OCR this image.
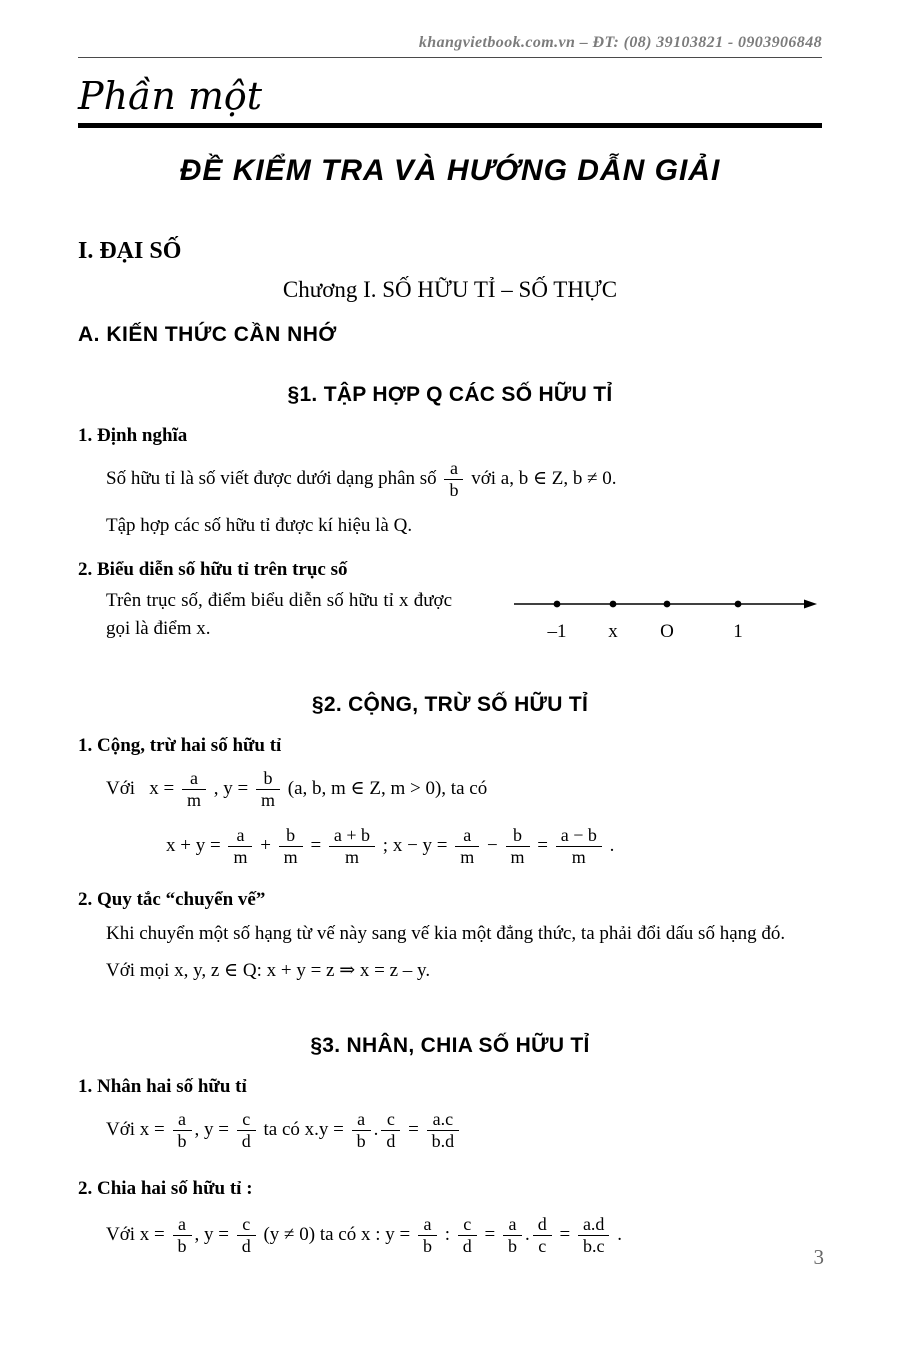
khangvietbook.com.vn – ĐT: (08) 39103821 - 0903906848
Phần một
ĐỀ KIỂM TRA VÀ HƯỚNG DẪN GIẢI
I. ĐẠI SỐ
Chương I. SỐ HỮU TỈ – SỐ THỰC
A. KIẾN THỨC CẦN NHỚ
§1. TẬP HỢP Q CÁC SỐ HỮU TỈ
1. Định nghĩa
Số hữu tỉ là số viết được dưới dạng phân số $\frac{a}{b}$ với a, b ∈ Z, b ≠ 0.
Tập hợp các số hữu tỉ được kí hiệu là Q.
2. Biểu diễn số hữu tỉ trên trục số
Trên trục số, điểm biểu diễn số hữu tỉ x được gọi là điểm x.	–1 x O	1
§2. CỘNG, TRỪ SỐ HỮU TỈ
1. Cộng, trừ hai số hữu tỉ
Với   $x = \frac{a}{m}$ , $y = \frac{b}{m} (a$, b, m ∈ Z, m > 0), ta có
$x + y = \frac{a}{m} + \frac{b}{m} = \frac{a + b}{m}$ ; $x - y = \frac{a}{m} - \frac{b}{m} = \frac{a - b}{m}$ .
2. Quy tắc “chuyển vế”
Khi chuyển một số hạng từ vế này sang vế kia một đẳng thức, ta phải đổi dấu số hạng đó.
Với mọi x, y, z ∈ Q: x + y = z ⇒ x = z – y.
§3. NHÂN, CHIA SỐ HỮU TỈ
1. Nhân hai số hữu tỉ
Với $x = \frac{a}{b}$ , $y = \frac{c}{d}$ ta có $x.y = \frac{a}{b}$ . $\frac{c}{d} = \frac{a.c}{b.d}$
2. Chia hai số hữu tỉ :
Với $x = \frac{a}{b}$ , $y = \frac{c}{d} (y \ne 0)$ ta có x : $y = \frac{a}{b}$ : $\frac{c}{d} = \frac{a}{b}$ . $\frac{d}{c} = \frac{a.d}{b.c}$ .
3
